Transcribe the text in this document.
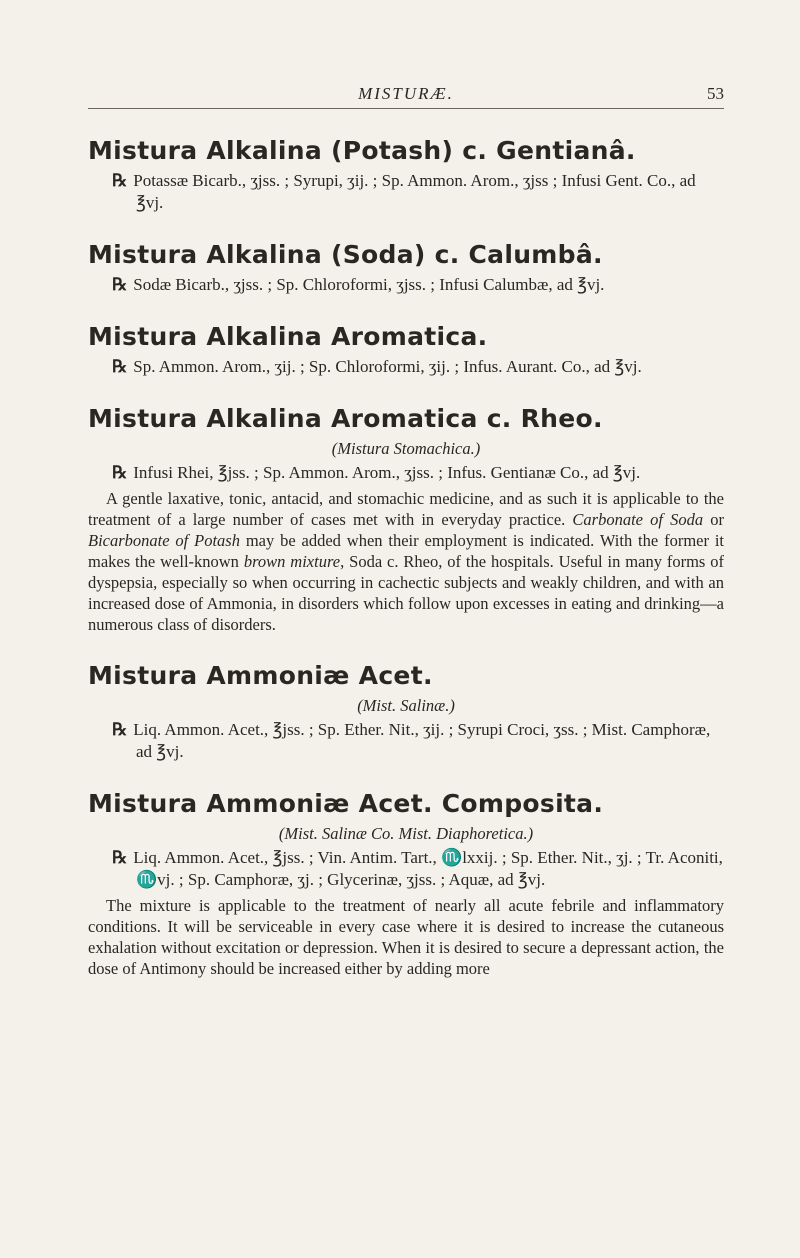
MISTURÆ.	53
Mistura Alkalina (Potash) c. Gentianâ.
℞ Potassæ Bicarb., ʒjss. ; Syrupi, ʒij. ; Sp. Ammon. Arom., ʒjss ; Infusi Gent. Co., ad ℥vj.
Mistura Alkalina (Soda) c. Calumbâ.
℞ Sodæ Bicarb., ʒjss. ; Sp. Chloroformi, ʒjss. ; Infusi Calumbæ, ad ℥vj.
Mistura Alkalina Aromatica.
℞ Sp. Ammon. Arom., ʒij. ; Sp. Chloroformi, ʒij. ; Infus. Aurant. Co., ad ℥vj.
Mistura Alkalina Aromatica c. Rheo.
(Mistura Stomachica.)
℞ Infusi Rhei, ℥jss. ; Sp. Ammon. Arom., ʒjss. ; Infus. Gentianæ Co., ad ℥vj.

A gentle laxative, tonic, antacid, and stomachic medicine, and as such it is applicable to the treatment of a large number of cases met with in everyday practice. Carbonate of Soda or Bicarbonate of Potash may be added when their employment is indicated. With the former it makes the well-known brown mixture, Soda c. Rheo, of the hospitals. Useful in many forms of dyspepsia, especially so when occurring in cachectic subjects and weakly children, and with an increased dose of Ammonia, in disorders which follow upon excesses in eating and drinking—a numerous class of disorders.

Mistura Ammoniæ Acet.
(Mist. Salinæ.)
℞ Liq. Ammon. Acet., ℥jss. ; Sp. Ether. Nit., ʒij. ; Syrupi Croci, ʒss. ; Mist. Camphoræ, ad ℥vj.
Mistura Ammoniæ Acet. Composita.
(Mist. Salinæ Co. Mist. Diaphoretica.)
℞ Liq. Ammon. Acet., ℥jss. ; Vin. Antim. Tart., ♏lxxij. ; Sp. Ether. Nit., ʒj. ; Tr. Aconiti, ♏vj. ; Sp. Camphoræ, ʒj. ; Glycerinæ, ʒjss. ; Aquæ, ad ℥vj.

The mixture is applicable to the treatment of nearly all acute febrile and inflammatory conditions. It will be serviceable in every case where it is desired to increase the cutaneous exhalation without excitation or depression. When it is desired to secure a depressant action, the dose of Antimony should be increased either by adding more
